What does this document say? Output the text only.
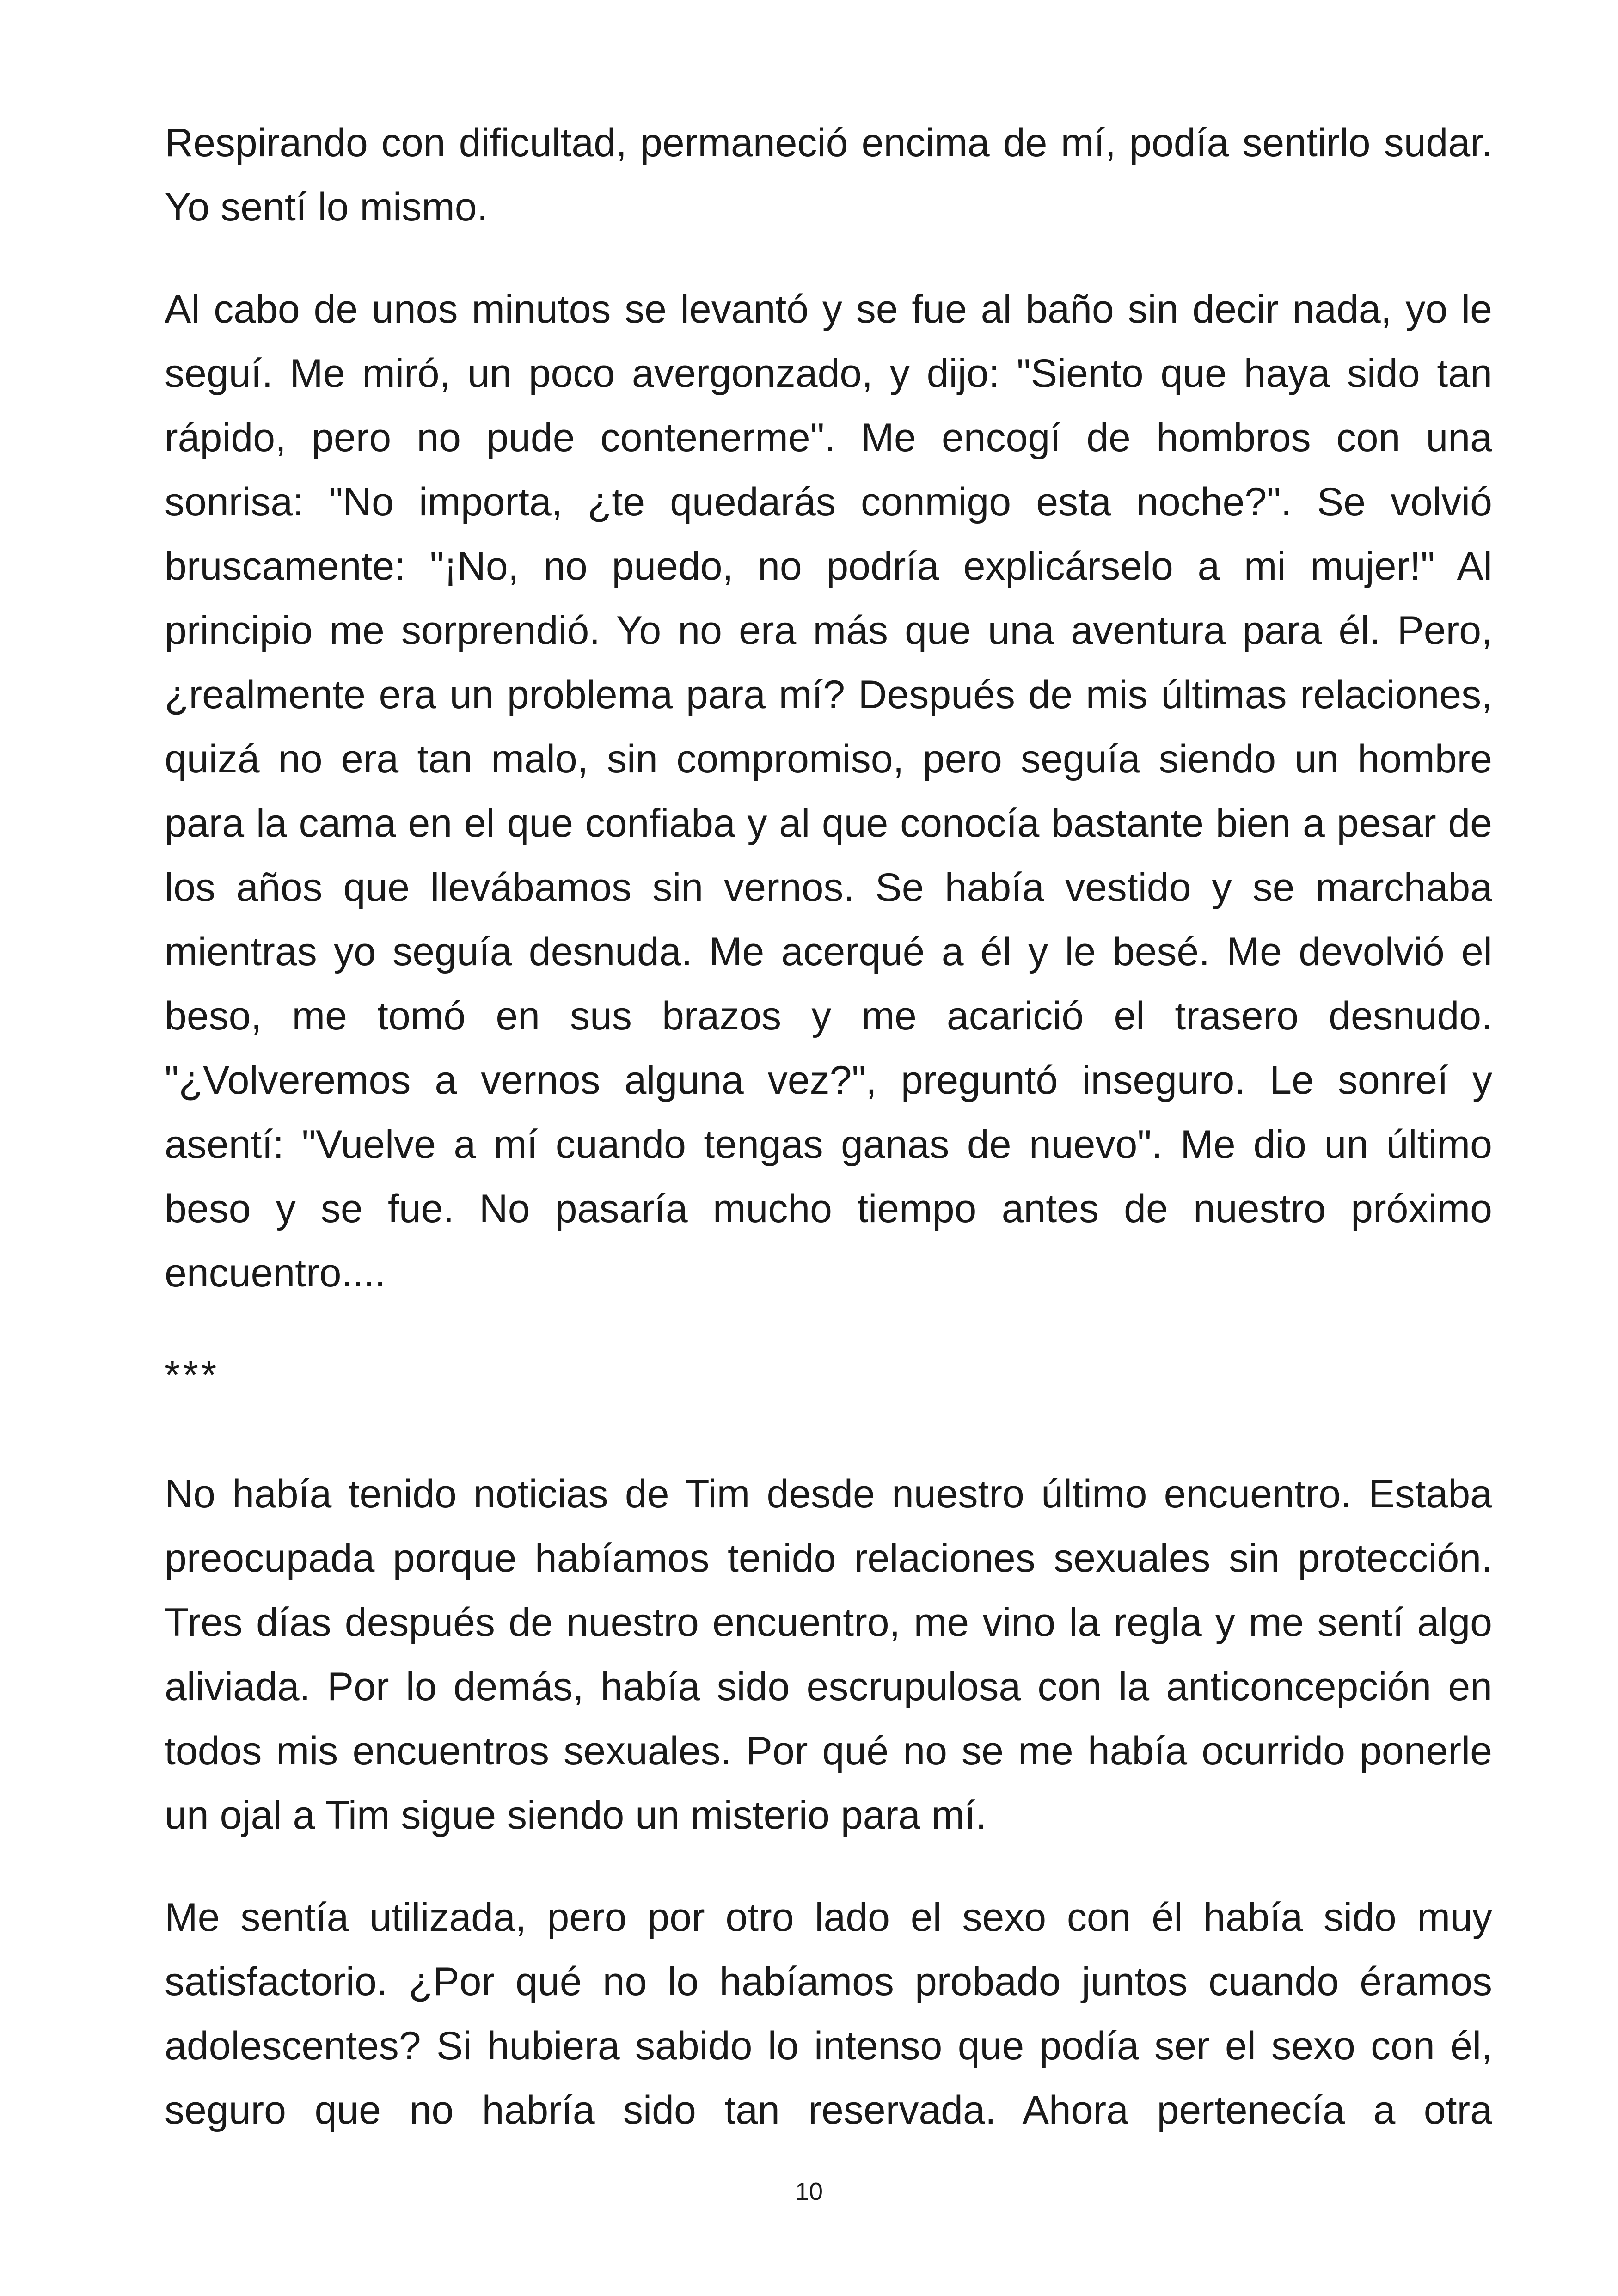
Respirando con dificultad, permaneció encima de mí, podía sentirlo sudar. Yo sentí lo mismo.

Al cabo de unos minutos se levantó y se fue al baño sin decir nada, yo le seguí. Me miró, un poco avergonzado, y dijo: "Siento que haya sido tan rápido, pero no pude contenerme". Me encogí de hombros con una sonrisa: "No importa, ¿te quedarás conmigo esta noche?". Se volvió bruscamente: "¡No, no puedo, no podría explicárselo a mi mujer!" Al principio me sorprendió. Yo no era más que una aventura para él. Pero, ¿realmente era un problema para mí? Después de mis últimas relaciones, quizá no era tan malo, sin compromiso, pero seguía siendo un hombre para la cama en el que confiaba y al que conocía bastante bien a pesar de los años que llevábamos sin vernos. Se había vestido y se marchaba mientras yo seguía desnuda. Me acerqué a él y le besé. Me devolvió el beso, me tomó en sus brazos y me acarició el trasero desnudo. "¿Volveremos a vernos alguna vez?", preguntó inseguro. Le sonreí y asentí: "Vuelve a mí cuando tengas ganas de nuevo". Me dio un último beso y se fue. No pasaría mucho tiempo antes de nuestro próximo encuentro....

***

No había tenido noticias de Tim desde nuestro último encuentro. Estaba preocupada porque habíamos tenido relaciones sexuales sin protección. Tres días después de nuestro encuentro, me vino la regla y me sentí algo aliviada. Por lo demás, había sido escrupulosa con la anticoncepción en todos mis encuentros sexuales. Por qué no se me había ocurrido ponerle un ojal a Tim sigue siendo un misterio para mí.

Me sentía utilizada, pero por otro lado el sexo con él había sido muy satisfactorio. ¿Por qué no lo habíamos probado juntos cuando éramos adolescentes? Si hubiera sabido lo intenso que podía ser el sexo con él, seguro que no habría sido tan reservada. Ahora pertenecía a otra

10
